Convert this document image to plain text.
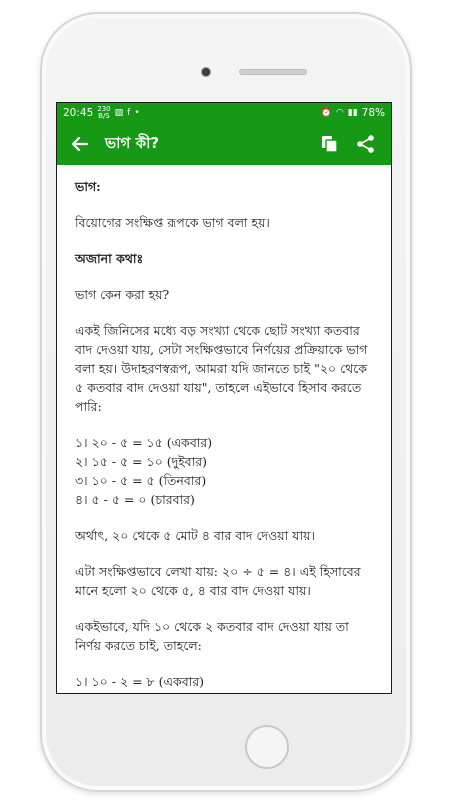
20:45 230
B/S ▨ f •	⏰ ◠ ▮▮ 78%
ভাগ কী?

ভাগ:

বিয়োগের সংক্ষিপ্ত রূপকে ভাগ বলা হয়।

অজানা কথাঃ

ভাগ কেন করা হয়?

একই জিনিসের মধ্যে বড় সংখ্যা থেকে ছোট সংখ্যা কতবার বাদ দেওয়া যায়, সেটা সংক্ষিপ্তভাবে নির্ণয়ের প্রক্রিয়াকে ভাগ বলা হয়। উদাহরণস্বরূপ, আমরা যদি জানতে চাই "২০ থেকে ৫ কতবার বাদ দেওয়া যায়", তাহলে এইভাবে হিসাব করতে পারি:

১। ২০ - ৫ = ১৫ (একবার)
২। ১৫ - ৫ = ১০ (দুইবার)
৩। ১০ - ৫ = ৫ (তিনবার)
৪। ৫ - ৫ = ০ (চারবার)

অর্থাৎ, ২০ থেকে ৫ মোট ৪ বার বাদ দেওয়া যায়।

এটা সংক্ষিপ্তভাবে লেখা যায়: ২০ ÷ ৫ = ৪। এই হিসাবের মানে হলো ২০ থেকে ৫, ৪ বার বাদ দেওয়া যায়।

একইভাবে, যদি ১০ থেকে ২ কতবার বাদ দেওয়া যায় তা নির্ণয় করতে চাই, তাহলে:

১। ১০ - ২ = ৮ (একবার)
